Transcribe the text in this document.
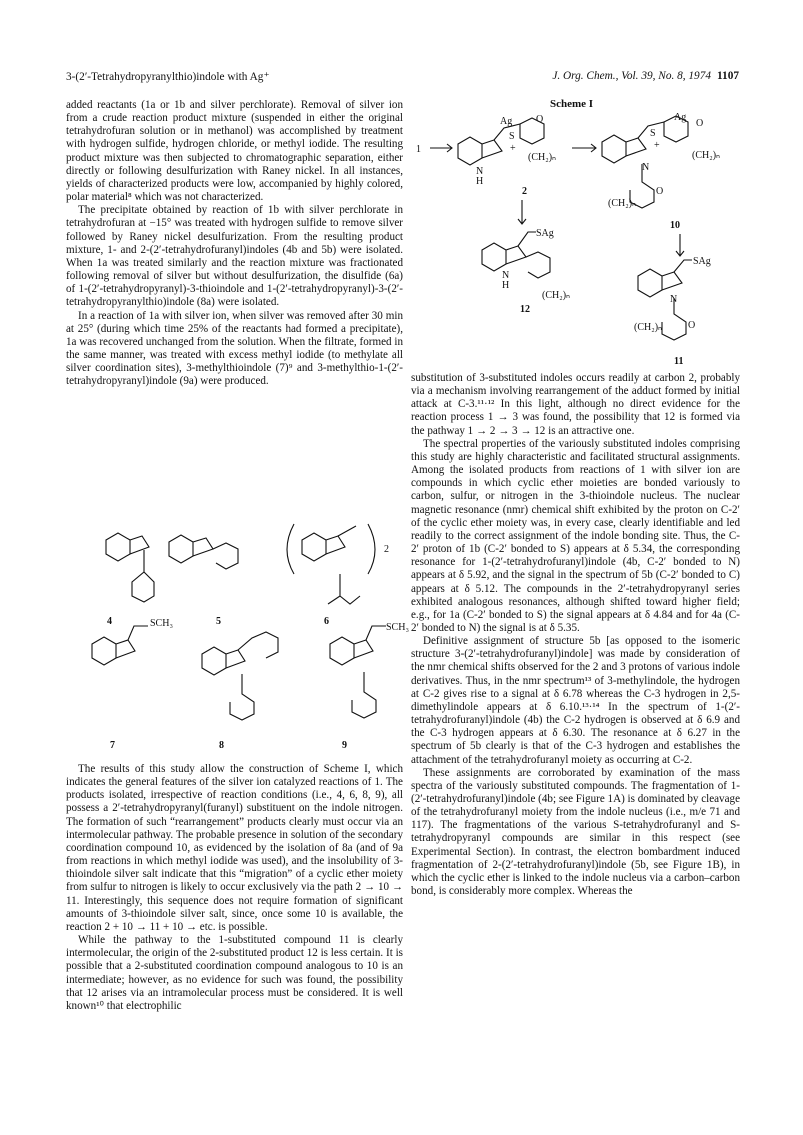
3-(2′-Tetrahydropyranylthio)indole with Ag⁺	J. Org. Chem., Vol. 39, No. 8, 1974 1107

added reactants (1a or 1b and silver perchlorate). Removal of silver ion from a crude reaction product mixture (suspended in either the original tetrahydrofuran solution or in methanol) was accomplished by treatment with hydrogen sulfide, hydrogen chloride, or methyl iodide. The resulting product mixture was then subjected to chromatographic separation, either directly or following desulfurization with Raney nickel. In all instances, yields of characterized products were low, accompanied by highly colored, polar material⁸ which was not characterized.

The precipitate obtained by reaction of 1b with silver perchlorate in tetrahydrofuran at −15° was treated with hydrogen sulfide to remove silver followed by Raney nickel desulfurization. From the resulting product mixture, 1- and 2-(2′-tetrahydrofuranyl)indoles (4b and 5b) were isolated. When 1a was treated similarly and the reaction mixture was fractionated following removal of silver but without desulfurization, the disulfide (6a) of 1-(2′-tetrahydropyranyl)-3-thioindole and 1-(2′-tetrahydropyranyl)-3-(2′-tetrahydropyranylthio)indole (8a) were isolated.

In a reaction of 1a with silver ion, when silver was removed after 30 min at 25° (during which time 25% of the reactants had formed a precipitate), 1a was recovered unchanged from the solution. When the filtrate, formed in the same manner, was treated with excess methyl iodide (to methylate all silver coordination sites), 3-methylthioindole (7)⁹ and 3-methylthio-1-(2′-tetrahydropyranyl)indole (9a) were produced.

4	5	6
7	8	9
SCH₃	SCH₃
2

The results of this study allow the construction of Scheme I, which indicates the general features of the silver ion catalyzed reactions of 1. The products isolated, irrespective of reaction conditions (i.e., 4, 6, 8, 9), all possess a 2′-tetrahydropyranyl(furanyl) substituent on the indole nitrogen. The formation of such “rearrangement” products clearly must occur via an intermolecular pathway. The probable presence in solution of the secondary coordination compound 10, as evidenced by the isolation of 8a (and of 9a from reactions in which methyl iodide was used), and the insolubility of 3-thioindole silver salt indicate that this “migration” of a cyclic ether moiety from sulfur to nitrogen is likely to occur exclusively via the path 2 → 10 → 11. Interestingly, this sequence does not require formation of significant amounts of 3-thioindole silver salt, since, once some 10 is available, the reaction 2 + 10 → 11 + 10 → etc. is possible.

While the pathway to the 1-substituted compound 11 is clearly intermolecular, the origin of the 2-substituted product 12 is less certain. It is possible that a 2-substituted coordination compound analogous to 10 is an intermediate; however, as no evidence for such was found, the possibility that 12 arises via an intramolecular process must be considered. It is well known¹⁰ that electrophilic

Scheme I
1
Ag
S
+
O
(CH₂)ₙ
N
H
2
Ag
S
+
O
(CH₂)ₙ
N
O
(CH₂)ₙ
10
SAg
N
H
(CH₂)ₙ
12
SAg
N
(CH₂)ₙ	O
11

substitution of 3-substituted indoles occurs readily at carbon 2, probably via a mechanism involving rearrangement of the adduct formed by initial attack at C-3.¹¹·¹² In this light, although no direct evidence for the reaction process 1 → 3 was found, the possibility that 12 is formed via the pathway 1 → 2 → 3 → 12 is an attractive one.

The spectral properties of the variously substituted indoles comprising this study are highly characteristic and facilitated structural assignments. Among the isolated products from reactions of 1 with silver ion are compounds in which cyclic ether moieties are bonded variously to carbon, sulfur, or nitrogen in the 3-thioindole nucleus. The nuclear magnetic resonance (nmr) chemical shift exhibited by the proton on C-2′ of the cyclic ether moiety was, in every case, clearly identifiable and led readily to the correct assignment of the indole bonding site. Thus, the C-2′ proton of 1b (C-2′ bonded to S) appears at δ 5.34, the corresponding resonance for 1-(2′-tetrahydrofuranyl)indole (4b, C-2′ bonded to N) appears at δ 5.92, and the signal in the spectrum of 5b (C-2′ bonded to C) appears at δ 5.12. The compounds in the 2′-tetrahydropyranyl series exhibited analogous resonances, although shifted toward higher field; e.g., for 1a (C-2′ bonded to S) the signal appears at δ 4.84 and for 4a (C-2′ bonded to N) the signal is at δ 5.35.

Definitive assignment of structure 5b [as opposed to the isomeric structure 3-(2′-tetrahydrofuranyl)indole] was made by consideration of the nmr chemical shifts observed for the 2 and 3 protons of various indole derivatives. Thus, in the nmr spectrum¹³ of 3-methylindole, the hydrogen at C-2 gives rise to a signal at δ 6.78 whereas the C-3 hydrogen in 2,5-dimethylindole appears at δ 6.10.¹³·¹⁴ In the spectrum of 1-(2′-tetrahydrofuranyl)indole (4b) the C-2 hydrogen is observed at δ 6.9 and the C-3 hydrogen appears at δ 6.30. The resonance at δ 6.27 in the spectrum of 5b clearly is that of the C-3 hydrogen and establishes the attachment of the tetrahydrofuranyl moiety as occurring at C-2.

These assignments are corroborated by examination of the mass spectra of the variously substituted compounds. The fragmentation of 1-(2′-tetrahydrofuranyl)indole (4b; see Figure 1A) is dominated by cleavage of the tetrahydrofuranyl moiety from the indole nucleus (i.e., m/e 71 and 117). The fragmentations of the various S-tetrahydrofuranyl and S-tetrahydropyranyl compounds are similar in this respect (see Experimental Section). In contrast, the electron bombardment induced fragmentation of 2-(2′-tetrahydrofuranyl)indole (5b, see Figure 1B), in which the cyclic ether is linked to the indole nucleus via a carbon–carbon bond, is considerably more complex. Whereas the
